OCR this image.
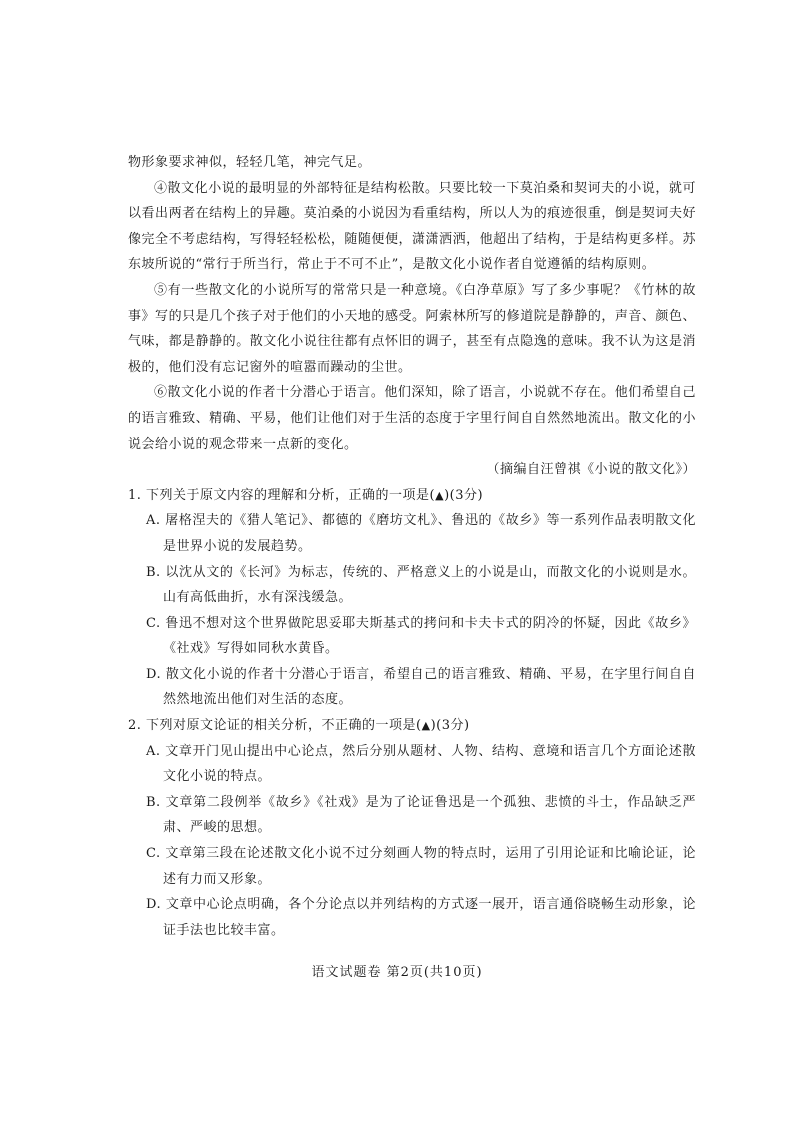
物形象要求神似，轻轻几笔，神完气足。

④散文化小说的最明显的外部特征是结构松散。只要比较一下莫泊桑和契诃夫的小说，就可以看出两者在结构上的异趣。莫泊桑的小说因为看重结构，所以人为的痕迹很重，倒是契诃夫好像完全不考虑结构，写得轻轻松松，随随便便，潇潇洒洒，他超出了结构，于是结构更多样。苏东坡所说的“常行于所当行，常止于不可不止”，是散文化小说作者自觉遵循的结构原则。

⑤有一些散文化的小说所写的常常只是一种意境。《白净草原》写了多少事呢？《竹林的故事》写的只是几个孩子对于他们的小天地的感受。阿索林所写的修道院是静静的，声音、颜色、气味，都是静静的。散文化小说往往都有点怀旧的调子，甚至有点隐逸的意味。我不认为这是消极的，他们没有忘记窗外的喧嚣而躁动的尘世。

⑥散文化小说的作者十分潜心于语言。他们深知，除了语言，小说就不存在。他们希望自己的语言雅致、精确、平易，他们让他们对于生活的态度于字里行间自自然然地流出。散文化的小说会给小说的观念带来一点新的变化。

（摘编自汪曾祺《小说的散文化》）

1. 下列关于原文内容的理解和分析，正确的一项是(▲)(3分)

A. 屠格涅夫的《猎人笔记》、都德的《磨坊文札》、鲁迅的《故乡》等一系列作品表明散文化是世界小说的发展趋势。

B. 以沈从文的《长河》为标志，传统的、严格意义上的小说是山，而散文化的小说则是水。山有高低曲折，水有深浅缓急。

C. 鲁迅不想对这个世界做陀思妥耶夫斯基式的拷问和卡夫卡式的阴冷的怀疑，因此《故乡》《社戏》写得如同秋水黄昏。

D. 散文化小说的作者十分潜心于语言，希望自己的语言雅致、精确、平易，在字里行间自自然然地流出他们对生活的态度。

2. 下列对原文论证的相关分析，不正确的一项是(▲)(3分)

A. 文章开门见山提出中心论点，然后分别从题材、人物、结构、意境和语言几个方面论述散文化小说的特点。

B. 文章第二段例举《故乡》《社戏》是为了论证鲁迅是一个孤独、悲愤的斗士，作品缺乏严肃、严峻的思想。

C. 文章第三段在论述散文化小说不过分刻画人物的特点时，运用了引用论证和比喻论证，论述有力而又形象。

D. 文章中心论点明确，各个分论点以并列结构的方式逐一展开，语言通俗晓畅生动形象，论证手法也比较丰富。

语文试题卷 第2页(共10页)
